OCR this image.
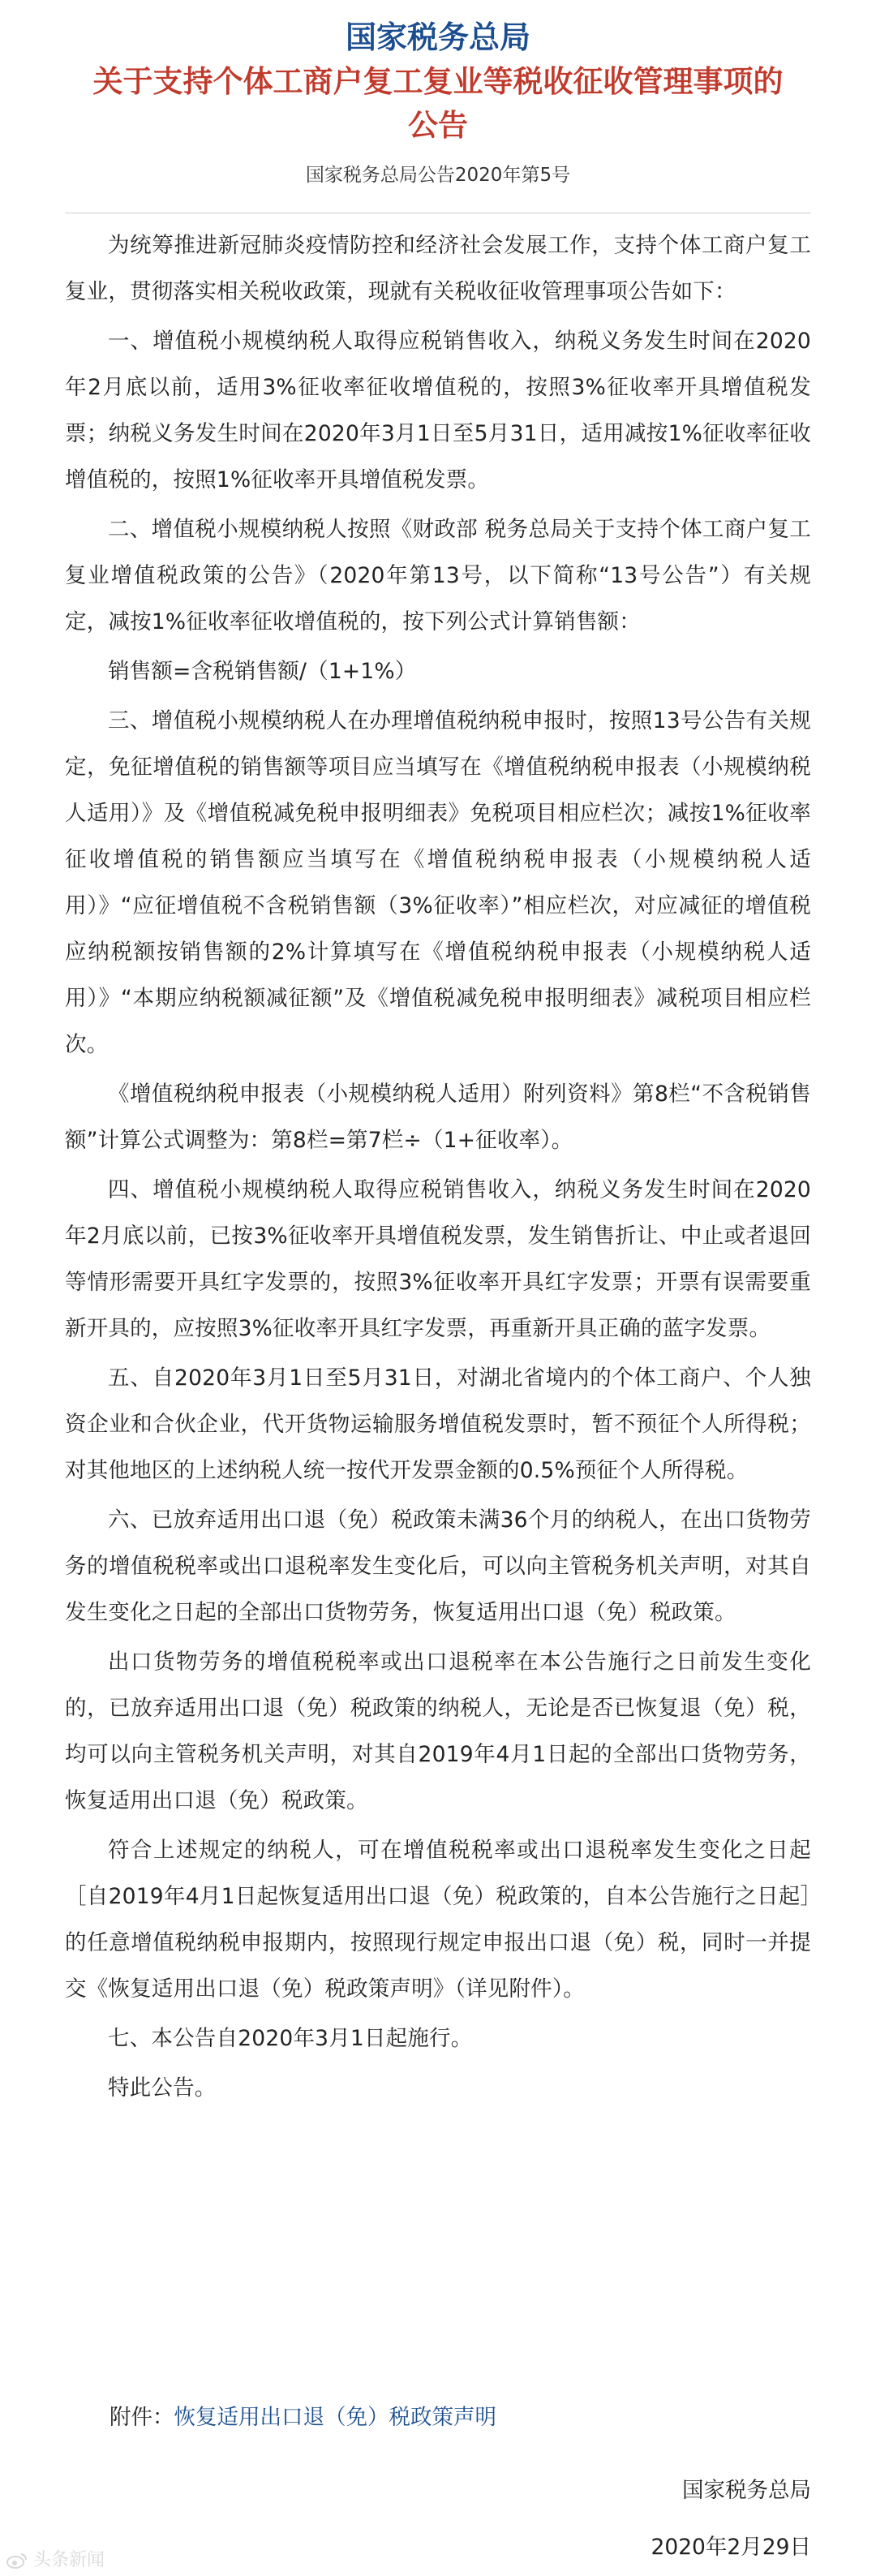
国家税务总局
关于支持个体工商户复工复业等税收征收管理事项的
公告
国家税务总局公告2020年第5号

为统筹推进新冠肺炎疫情防控和经济社会发展工作，支持个体工商户复工复业，贯彻落实相关税收政策，现就有关税收征收管理事项公告如下：

一、增值税小规模纳税人取得应税销售收入，纳税义务发生时间在2020年2月底以前，适用3%征收率征收增值税的，按照3%征收率开具增值税发票；纳税义务发生时间在2020年3月1日至5月31日，适用减按1%征收率征收增值税的，按照1%征收率开具增值税发票。

二、增值税小规模纳税人按照《财政部 税务总局关于支持个体工商户复工复业增值税政策的公告》（2020年第13号，以下简称“13号公告”）有关规定，减按1%征收率征收增值税的，按下列公式计算销售额：

销售额=含税销售额/（1+1%）

三、增值税小规模纳税人在办理增值税纳税申报时，按照13号公告有关规定，免征增值税的销售额等项目应当填写在《增值税纳税申报表（小规模纳税人适用）》及《增值税减免税申报明细表》免税项目相应栏次；减按1%征收率征收增值税的销售额应当填写在《增值税纳税申报表（小规模纳税人适用）》“应征增值税不含税销售额（3%征收率）”相应栏次，对应减征的增值税应纳税额按销售额的2%计算填写在《增值税纳税申报表（小规模纳税人适用）》“本期应纳税额减征额”及《增值税减免税申报明细表》减税项目相应栏次。

《增值税纳税申报表（小规模纳税人适用）附列资料》第8栏“不含税销售额”计算公式调整为：第8栏=第7栏÷（1+征收率）。

四、增值税小规模纳税人取得应税销售收入，纳税义务发生时间在2020年2月底以前，已按3%征收率开具增值税发票，发生销售折让、中止或者退回等情形需要开具红字发票的，按照3%征收率开具红字发票；开票有误需要重新开具的，应按照3%征收率开具红字发票，再重新开具正确的蓝字发票。

五、自2020年3月1日至5月31日，对湖北省境内的个体工商户、个人独资企业和合伙企业，代开货物运输服务增值税发票时，暂不预征个人所得税；对其他地区的上述纳税人统一按代开发票金额的0.5%预征个人所得税。

六、已放弃适用出口退（免）税政策未满36个月的纳税人，在出口货物劳务的增值税税率或出口退税率发生变化后，可以向主管税务机关声明，对其自发生变化之日起的全部出口货物劳务，恢复适用出口退（免）税政策。

出口货物劳务的增值税税率或出口退税率在本公告施行之日前发生变化的，已放弃适用出口退（免）税政策的纳税人，无论是否已恢复退（免）税，均可以向主管税务机关声明，对其自2019年4月1日起的全部出口货物劳务，恢复适用出口退（免）税政策。

符合上述规定的纳税人，可在增值税税率或出口退税率发生变化之日起［自2019年4月1日起恢复适用出口退（免）税政策的，自本公告施行之日起］的任意增值税纳税申报期内，按照现行规定申报出口退（免）税，同时一并提交《恢复适用出口退（免）税政策声明》（详见附件）。

七、本公告自2020年3月1日起施行。

特此公告。

附件：恢复适用出口退（免）税政策声明
国家税务总局
2020年2月29日
头条新闻
